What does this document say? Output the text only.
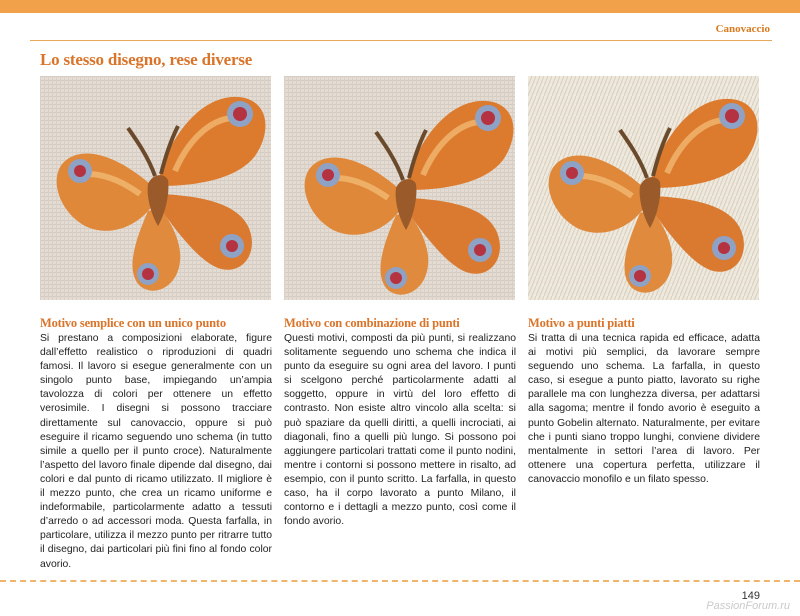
Canovaccio
Lo stesso disegno, rese diverse
Motivo semplice con un unico punto

Si prestano a composizioni elaborate, figure dall’effetto realistico o riproduzioni di quadri famosi. Il lavoro si esegue generalmente con un singolo punto base, impiegando un’ampia tavolozza di colori per ottenere un effetto verosimile. I disegni si possono tracciare direttamente sul canovaccio, oppure si può eseguire il ricamo seguendo uno schema (in tutto simile a quello per il punto croce). Naturalmente l’aspetto del lavoro finale dipende dal disegno, dai colori e dal punto di ricamo utilizzato. Il migliore è il mezzo punto, che crea un ricamo uniforme e indeformabile, particolarmente adatto a tessuti d’arredo o ad accessori moda. Questa farfalla, in particolare, utilizza il mezzo punto per ritrarre tutto il disegno, dai particolari più fini fino al fondo color avorio.

Motivo con combinazione di punti

Questi motivi, composti da più punti, si realizzano solitamente seguendo uno schema che indica il punto da eseguire su ogni area del lavoro. I punti si scelgono perché particolarmente adatti al soggetto, oppure in virtù del loro effetto di contrasto. Non esiste altro vincolo alla scelta: si può spaziare da quelli diritti, a quelli incrociati, ai diagonali, fino a quelli più lungo. Si possono poi aggiungere particolari trattati come il punto nodini, mentre i contorni si possono mettere in risalto, ad esempio, con il punto scritto. La farfalla, in questo caso, ha il corpo lavorato a punto Milano, il contorno e i dettagli a mezzo punto, così come il fondo avorio.

Motivo a punti piatti

Si tratta di una tecnica rapida ed efficace, adatta ai motivi più semplici, da lavorare sempre seguendo uno schema. La farfalla, in questo caso, si esegue a punto piatto, lavorato su righe parallele ma con lunghezza diversa, per adattarsi alla sagoma; mentre il fondo avorio è eseguito a punto Gobelin alternato. Naturalmente, per evitare che i punti siano troppo lunghi, conviene dividere mentalmente in settori l’area di lavoro. Per ottenere una copertura perfetta, utilizzare il canovaccio monofilo e un filato spesso.

149
PassionForum.ru
